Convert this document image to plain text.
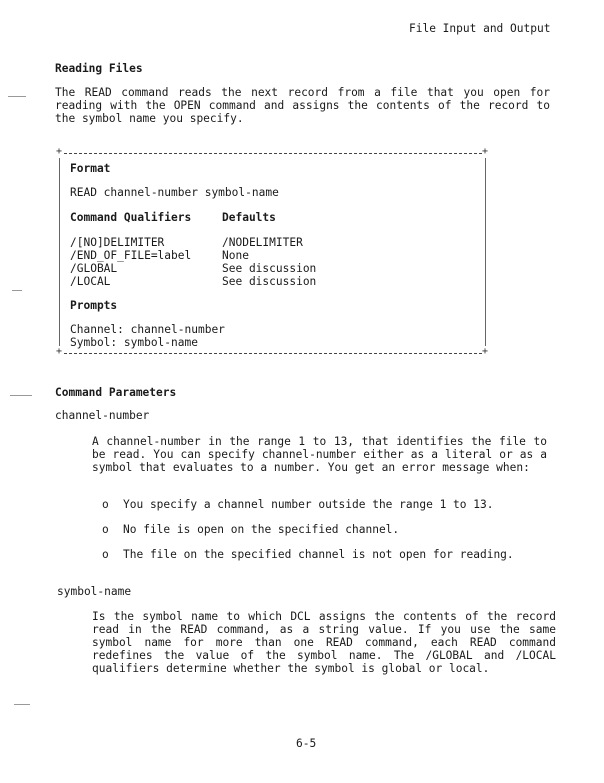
File Input and Output
Reading Files
The READ command reads the next record from a file that you open for reading with the OPEN command and assigns the contents of the record to the symbol name you specify.
+	+
Format
READ channel-number symbol-name
Command Qualifiers	Defaults
/[NO]DELIMITER	/NODELIMITER
/END_OF_FILE=label	None
/GLOBAL	See discussion
/LOCAL	See discussion
Prompts
Channel: channel-number
Symbol: symbol-name
+	+
Command Parameters
channel-number
A channel-number in the range 1 to 13, that identifies the file to be read. You can specify channel-number either as a literal or as a symbol that evaluates to a number. You get an error message when:
o You specify a channel number outside the range 1 to 13.
o No file is open on the specified channel.
o The file on the specified channel is not open for reading.
symbol-name
Is the symbol name to which DCL assigns the contents of the record read in the READ command, as a string value. If you use the same symbol name for more than one READ command, each READ command redefines the value of the symbol name. The /GLOBAL and /LOCAL qualifiers determine whether the symbol is global or local.
6-5
